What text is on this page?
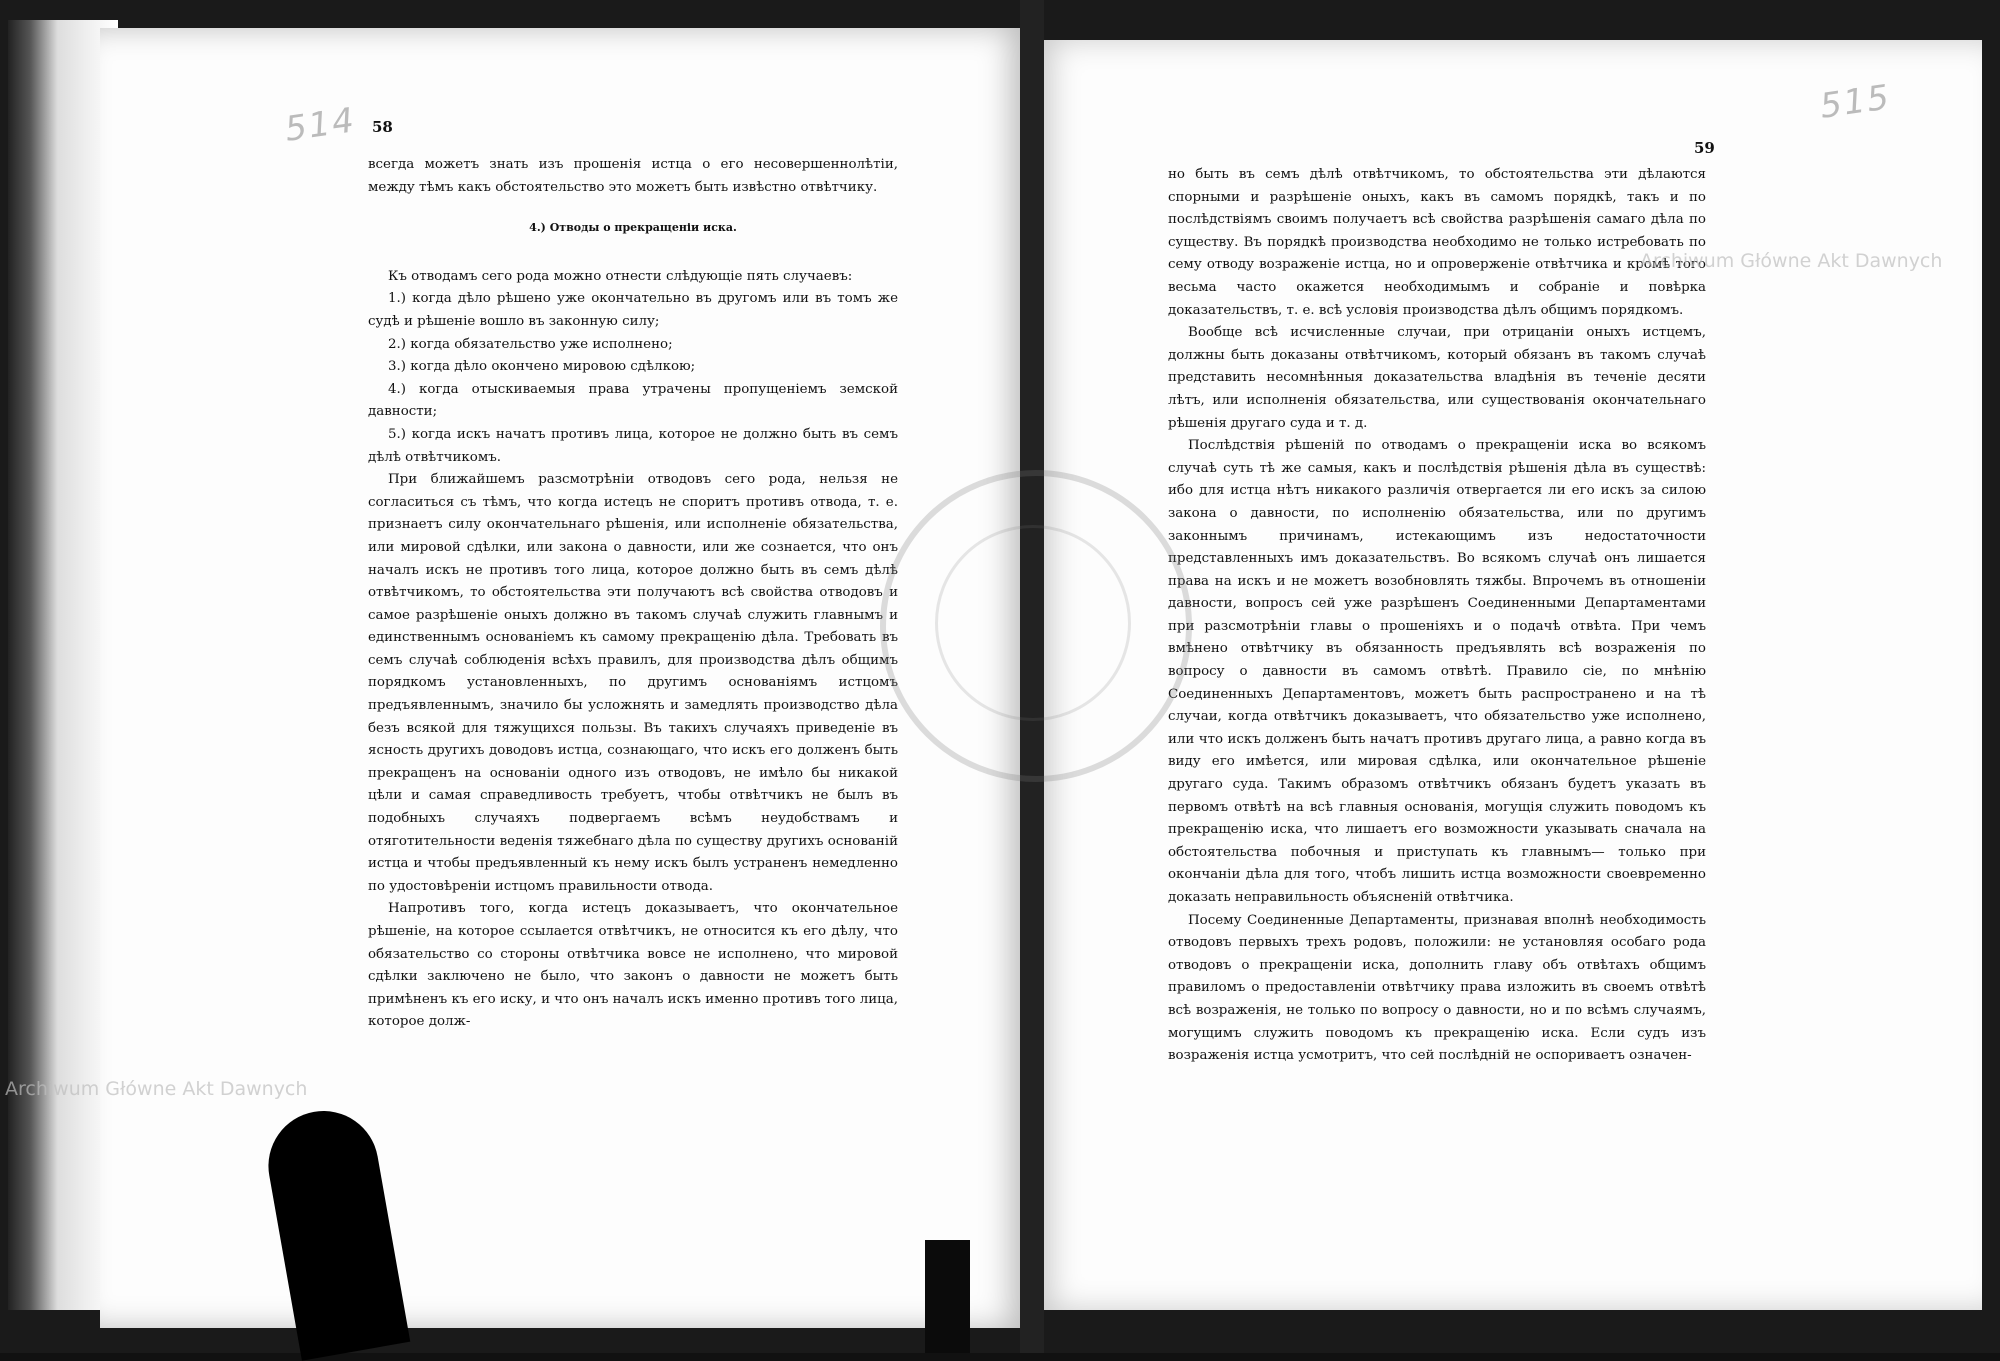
514 58

всегда можетъ знать изъ прошенія истца о его несовершеннолѣтіи, между тѣмъ какъ обстоятельство это можетъ быть извѣстно отвѣтчику.

4.) Отводы о прекращеніи иска.

Къ отводамъ сего рода можно отнести слѣдующіе пять случаевъ:

1.) когда дѣло рѣшено уже окончательно въ другомъ или въ томъ же судѣ и рѣшеніе вошло въ законную силу;

2.) когда обязательство уже исполнено;

3.) когда дѣло окончено мировою сдѣлкою;

4.) когда отыскиваемыя права утрачены пропущеніемъ земской давности;

5.) когда искъ начатъ противъ лица, которое не должно быть въ семъ дѣлѣ отвѣтчикомъ.

При ближайшемъ разсмотрѣніи отводовъ сего рода, нельзя не согласиться съ тѣмъ, что когда истецъ не споритъ противъ отвода, т. е. признаетъ силу окончательнаго рѣшенія, или исполненіе обязательства, или мировой сдѣлки, или закона о давности, или же сознается, что онъ началъ искъ не противъ того лица, которое должно быть въ семъ дѣлѣ отвѣтчикомъ, то обстоятельства эти получаютъ всѣ свойства отводовъ и самое разрѣшеніе оныхъ должно въ такомъ случаѣ служить главнымъ и единственнымъ основаніемъ къ самому прекращенію дѣла. Требовать въ семъ случаѣ соблюденія всѣхъ правилъ, для производства дѣлъ общимъ порядкомъ установленныхъ, по другимъ основаніямъ истцомъ предъявленнымъ, значило бы усложнять и замедлять производство дѣла безъ всякой для тяжущихся пользы. Въ такихъ случаяхъ приведеніе въ ясность другихъ доводовъ истца, сознающаго, что искъ его долженъ быть прекращенъ на основаніи одного изъ отводовъ, не имѣло бы никакой цѣли и самая справедливость требуетъ, чтобы отвѣтчикъ не былъ въ подобныхъ случаяхъ подвергаемъ всѣмъ неудобствамъ и отяготительности веденія тяжебнаго дѣла по существу другихъ основаній истца и чтобы предъявленный къ нему искъ былъ устраненъ немедленно по удостовѣреніи истцомъ правильности отвода.

Напротивъ того, когда истецъ доказываетъ, что окончательное рѣшеніе, на которое ссылается отвѣтчикъ, не относится къ его дѣлу, что обязательство со стороны отвѣтчика вовсе не исполнено, что мировой сдѣлки заключено не было, что законъ о давности не можетъ быть примѣненъ къ его иску, и что онъ началъ искъ именно противъ того лица, которое долж-

515
59

но быть въ семъ дѣлѣ отвѣтчикомъ, то обстоятельства эти дѣлаются спорными и разрѣшеніе оныхъ, какъ въ самомъ порядкѣ, такъ и по послѣдствіямъ своимъ получаетъ всѣ свойства разрѣшенія самаго дѣла по существу. Въ порядкѣ производства необходимо не только истребовать по сему отводу возраженіе истца, но и опроверженіе отвѣтчика и кромѣ того весьма часто окажется необходимымъ и собраніе и повѣрка доказательствъ, т. е. всѣ условія производства дѣлъ общимъ порядкомъ.

Вообще всѣ исчисленные случаи, при отрицаніи оныхъ истцемъ, должны быть доказаны отвѣтчикомъ, который обязанъ въ такомъ случаѣ представить несомнѣнныя доказательства владѣнія въ теченіе десяти лѣтъ, или исполненія обязательства, или существованія окончательнаго рѣшенія другаго суда и т. д.

Послѣдствія рѣшеній по отводамъ о прекращеніи иска во всякомъ случаѣ суть тѣ же самыя, какъ и послѣдствія рѣшенія дѣла въ существѣ: ибо для истца нѣтъ никакого различія отвергается ли его искъ за силою закона о давности, по исполненію обязательства, или по другимъ законнымъ причинамъ, истекающимъ изъ недостаточности представленныхъ имъ доказательствъ. Во всякомъ случаѣ онъ лишается права на искъ и не можетъ возобновлять тяжбы. Впрочемъ въ отношеніи давности, вопросъ сей уже разрѣшенъ Соединенными Департаментами при разсмотрѣніи главы о прошеніяхъ и о подачѣ отвѣта. При чемъ вмѣнено отвѣтчику въ обязанность предъявлять всѣ возраженія по вопросу о давности въ самомъ отвѣтѣ. Правило сіе, по мнѣнію Соединенныхъ Департаментовъ, можетъ быть распространено и на тѣ случаи, когда отвѣтчикъ доказываетъ, что обязательство уже исполнено, или что искъ долженъ быть начатъ противъ другаго лица, а равно когда въ виду его имѣется, или мировая сдѣлка, или окончательное рѣшеніе другаго суда. Такимъ образомъ отвѣтчикъ обязанъ будетъ указать въ первомъ отвѣтѣ на всѣ главныя основанія, могущія служить поводомъ къ прекращенію иска, что лишаетъ его возможности указывать сначала на обстоятельства побочныя и приступать къ главнымъ— только при окончаніи дѣла для того, чтобъ лишить истца возможности своевременно доказать неправильность объясненій отвѣтчика.

Посему Соединенные Департаменты, признавая вполнѣ необходимость отводовъ первыхъ трехъ родовъ, положили: не установляя особаго рода отводовъ о прекращеніи иска, дополнить главу объ отвѣтахъ общимъ правиломъ о предоставленіи отвѣтчику права изложить въ своемъ отвѣтѣ всѣ возраженія, не только по вопросу о давности, но и по всѣмъ случаямъ, могущимъ служить поводомъ къ прекращенію иска. Если судъ изъ возраженія истца усмотритъ, что сей послѣдній не оспориваетъ означен-

Archiwum Główne Akt Dawnych
Archiwum Główne Akt Dawnych
